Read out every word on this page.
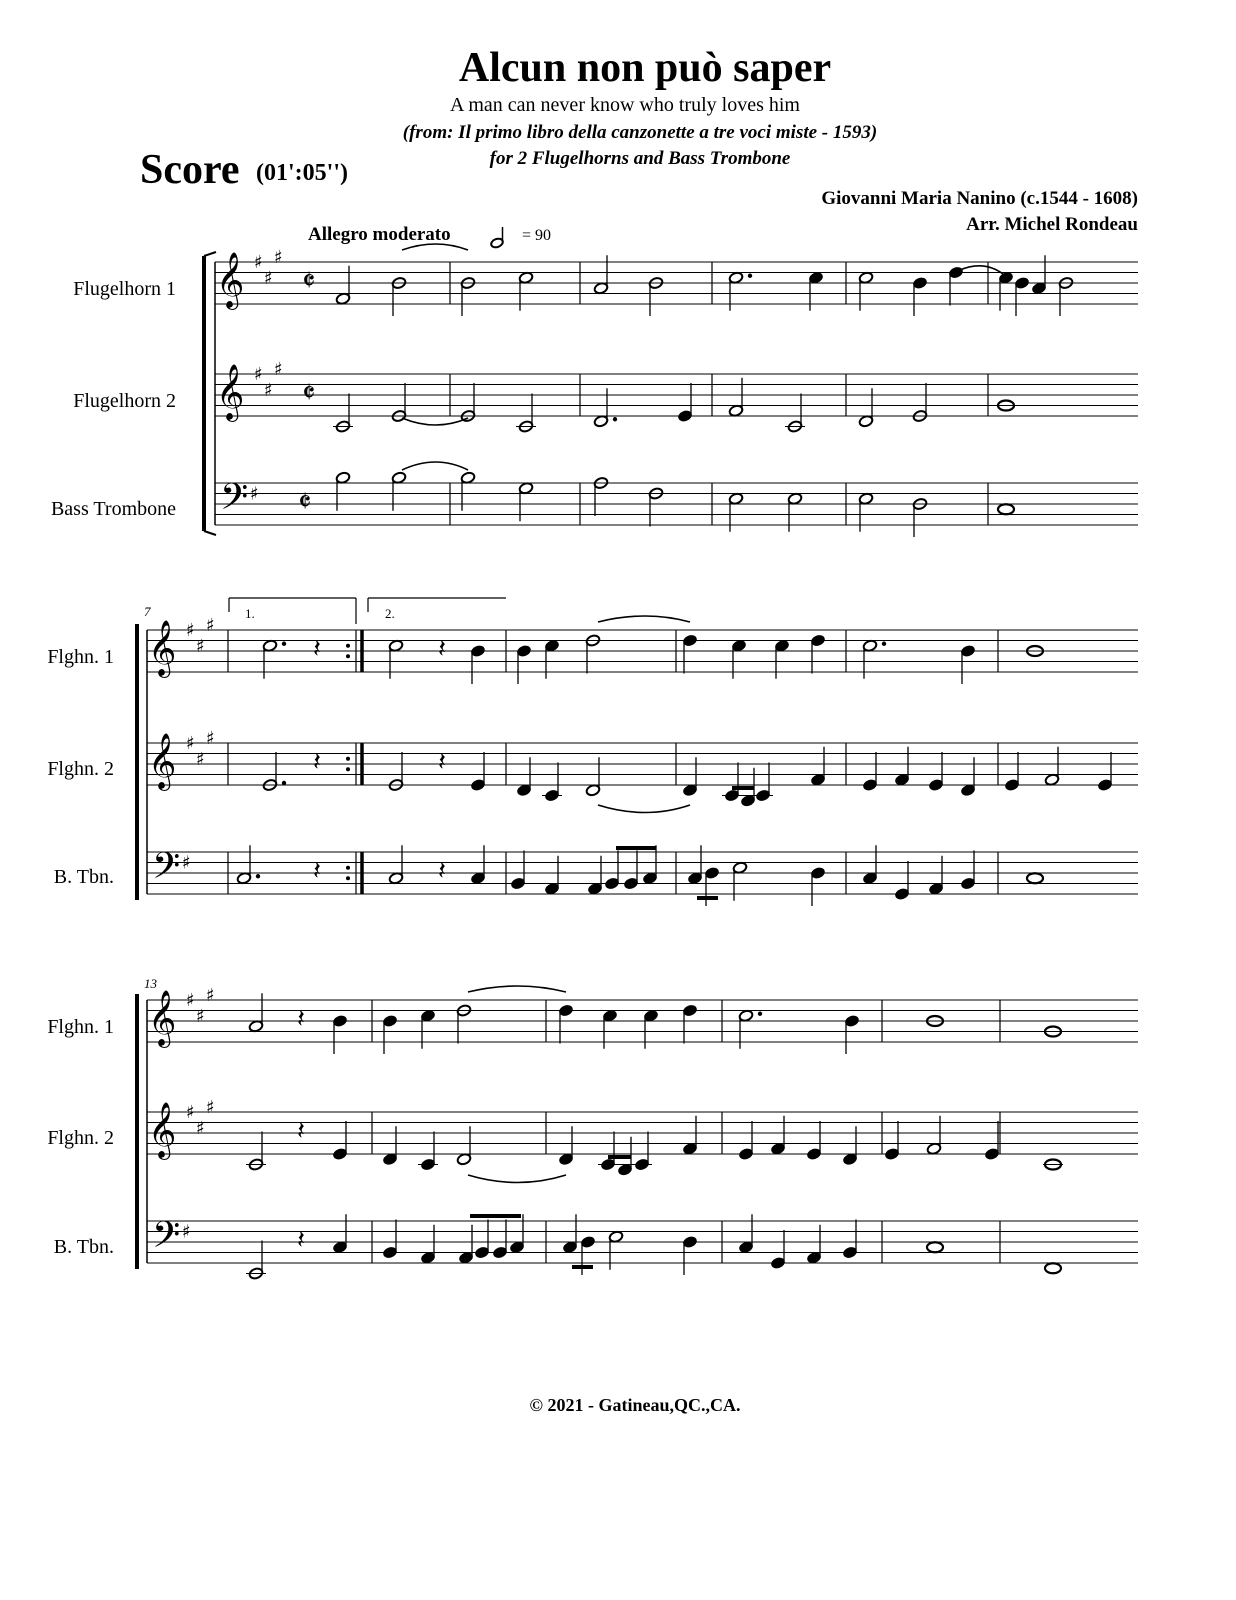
Alcun non può saper
A man can never know who truly loves him
(from: Il primo libro della canzonette a tre voci miste - 1593)
for 2 Flugelhorns and Bass Trombone
Score (01':05'')
Giovanni Maria Nanino (c.1544 - 1608)
Arr. Michel Rondeau
Allegro moderato	= 90
Flugelhorn 1
Flugelhorn 2
Bass Trombone
Flghn. 1
Flghn. 2
B. Tbn.
Flghn. 1
Flghn. 2
B. Tbn.
7
13
1.	2.
𝄞
𝄞
𝄢
♯
♯
♯
♯
♯
♯
♯
𝄵
𝄵
𝄵
𝄞
𝄞
𝄢
♯
♯
♯
♯
♯
♯
♯
𝄽	𝄽
𝄽	𝄽
𝄽	𝄽
𝄞
𝄞
𝄢
♯
♯
♯
♯
♯
♯
♯
𝄽
𝄽
𝄽
© 2021 - Gatineau,QC.,CA.
